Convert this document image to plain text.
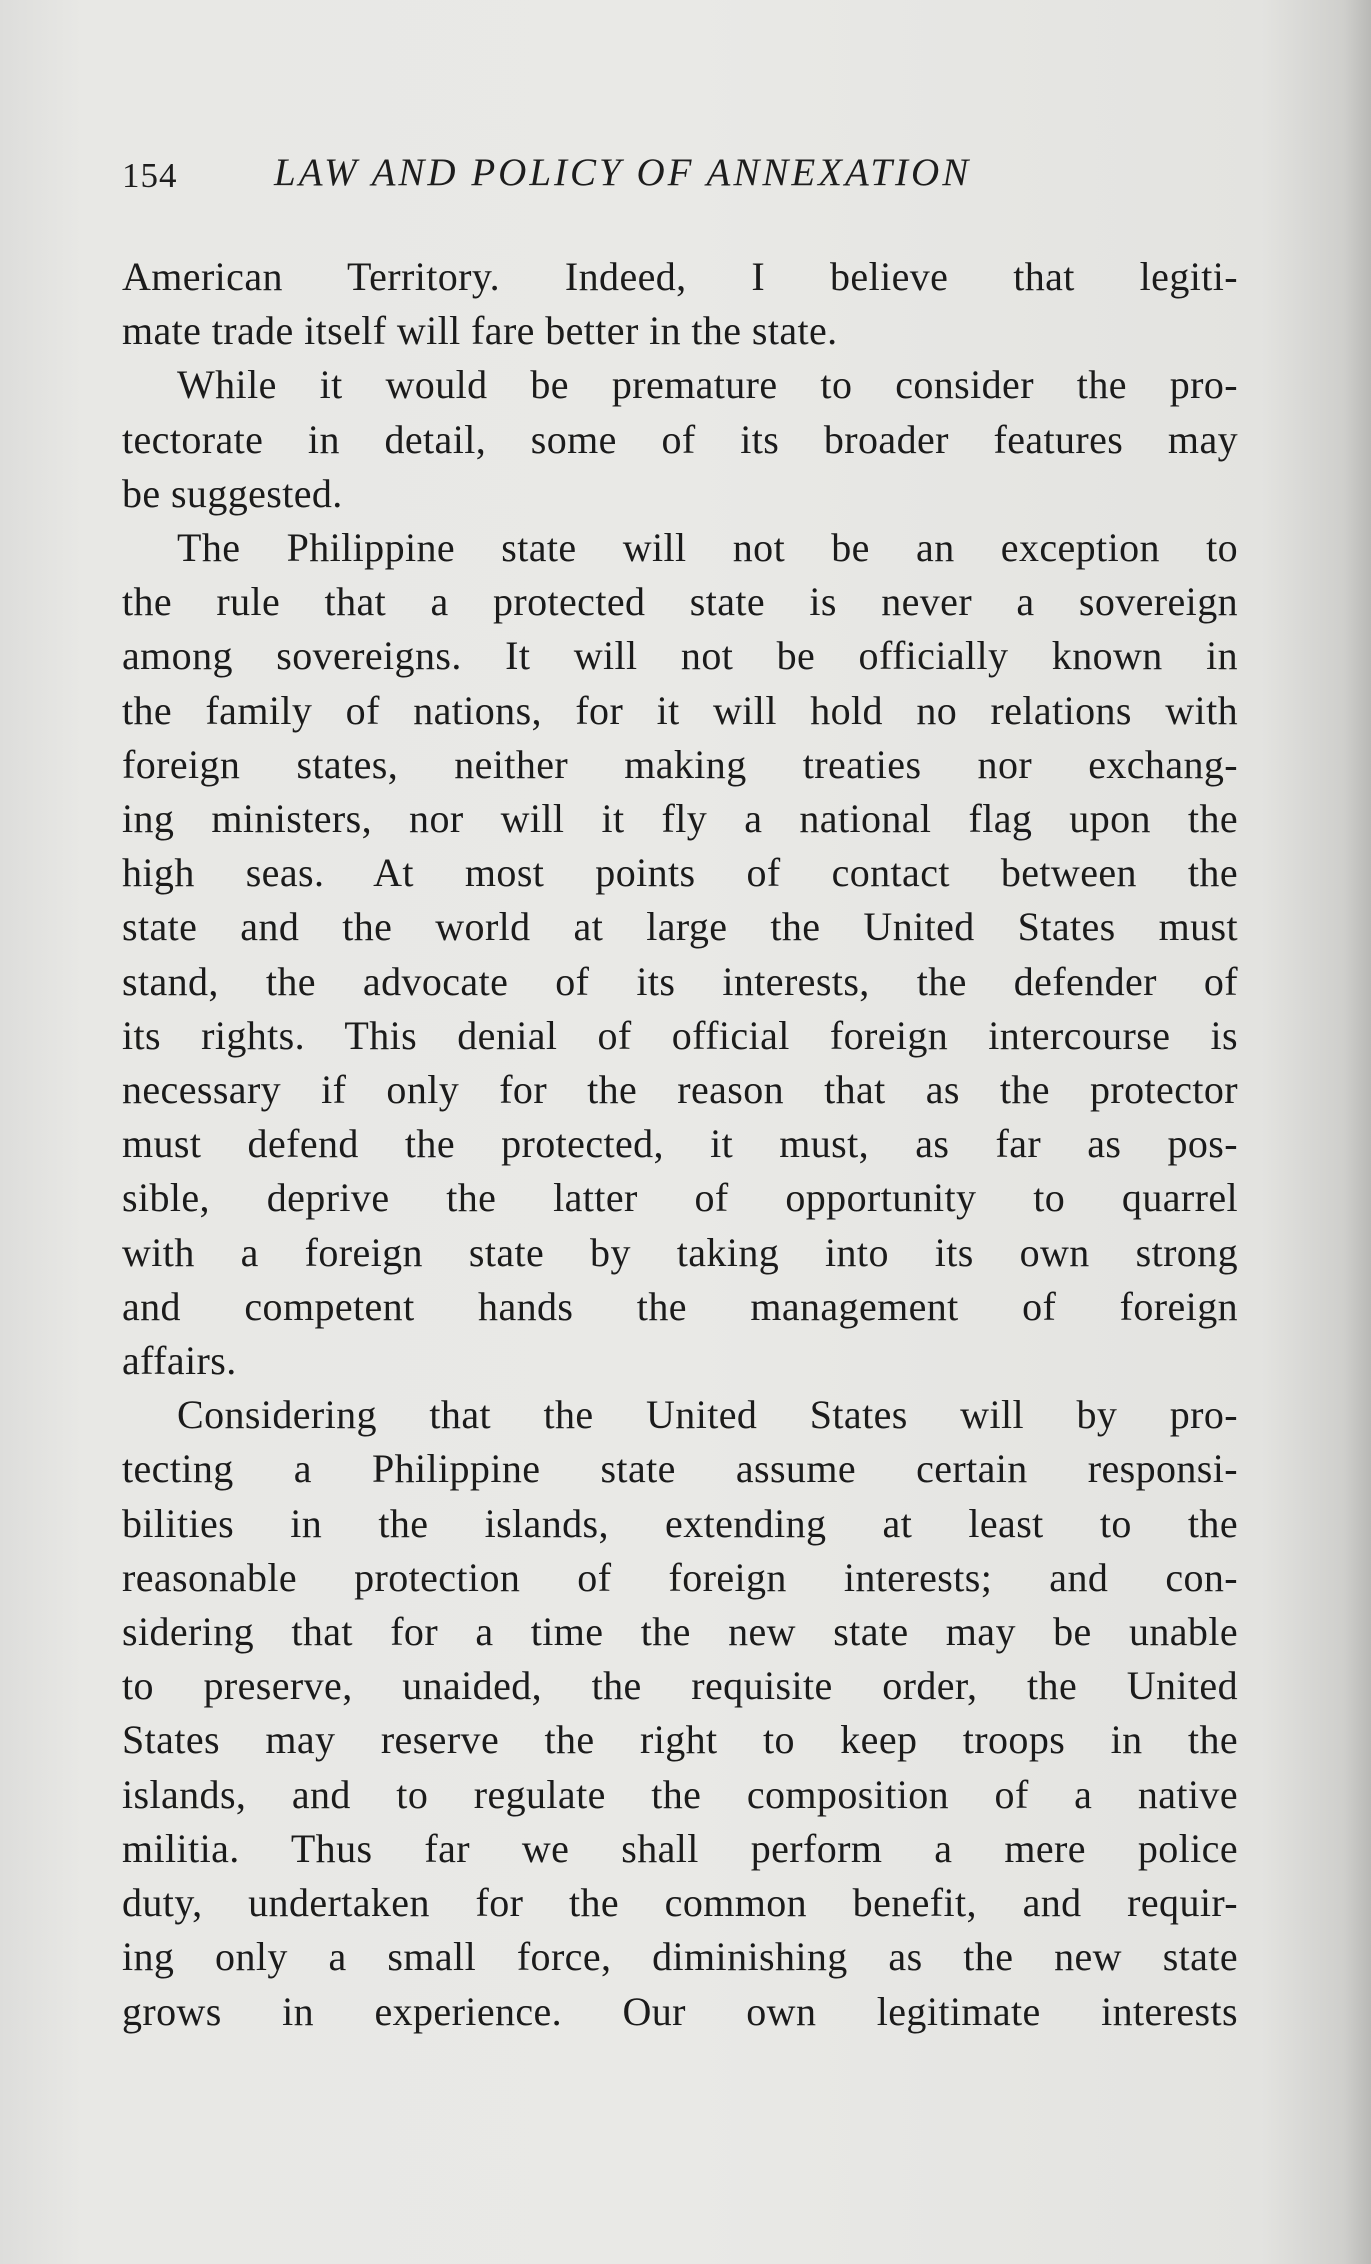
154 LAW AND POLICY OF ANNEXATION

American Territory. Indeed, I believe that legiti-
mate trade itself will fare better in the state.

While it would be premature to consider the pro-
tectorate in detail, some of its broader features may
be suggested.

The Philippine state will not be an exception to
the rule that a protected state is never a sovereign
among sovereigns. It will not be officially known in
the family of nations, for it will hold no relations with
foreign states, neither making treaties nor exchang-
ing ministers, nor will it fly a national flag upon the
high seas. At most points of contact between the
state and the world at large the United States must
stand, the advocate of its interests, the defender of
its rights. This denial of official foreign intercourse is
necessary if only for the reason that as the protector
must defend the protected, it must, as far as pos-
sible, deprive the latter of opportunity to quarrel
with a foreign state by taking into its own strong
and competent hands the management of foreign
affairs.

Considering that the United States will by pro-
tecting a Philippine state assume certain responsi-
bilities in the islands, extending at least to the
reasonable protection of foreign interests; and con-
sidering that for a time the new state may be unable
to preserve, unaided, the requisite order, the United
States may reserve the right to keep troops in the
islands, and to regulate the composition of a native
militia. Thus far we shall perform a mere police
duty, undertaken for the common benefit, and requir-
ing only a small force, diminishing as the new state
grows in experience. Our own legitimate interests
